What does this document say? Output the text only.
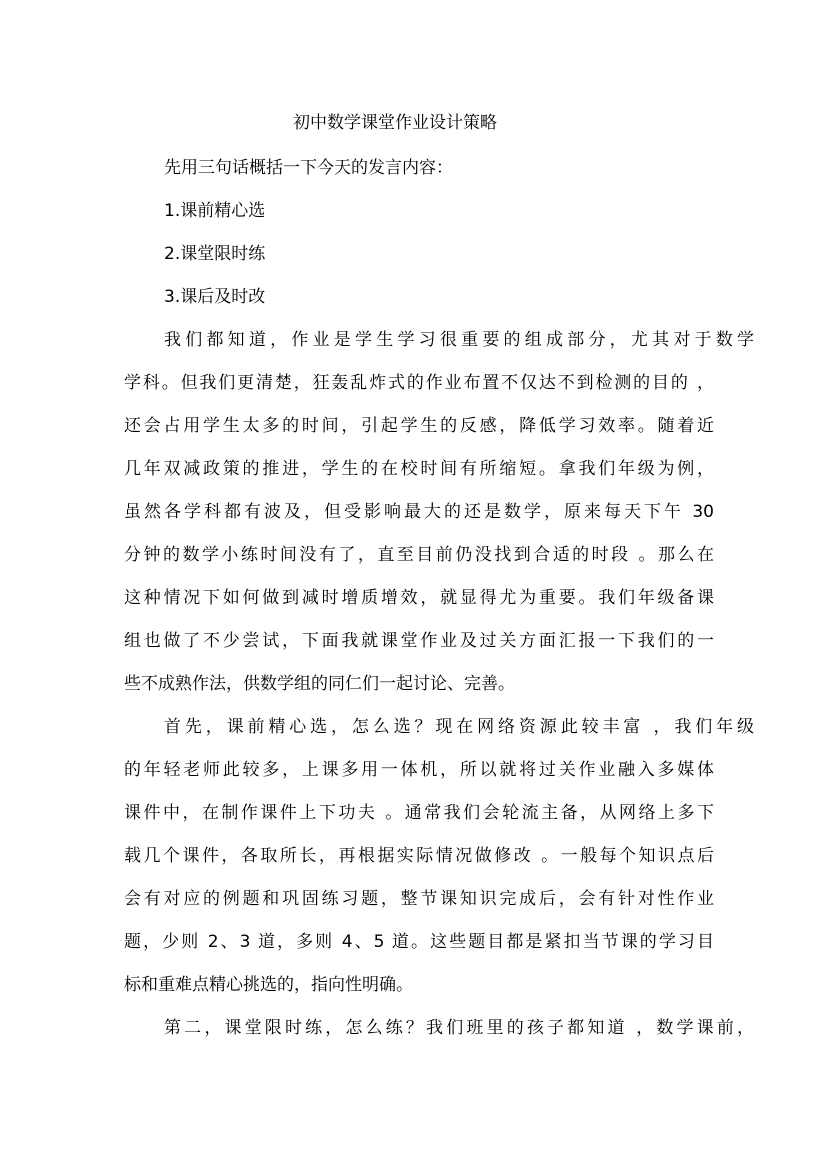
初中数学课堂作业设计策略
先用三句话概括一下今天的发言内容：
1.课前精心选
2.课堂限时练
3.课后及时改
我们都知道，作业是学生学习很重要的组成部分，尤其对于数学
学科。但我们更清楚，狂轰乱炸式的作业布置不仅达不到检测的目的 ，
还会占用学生太多的时间，引起学生的反感，降低学习效率。随着近
几年双减政策的推进，学生的在校时间有所缩短。拿我们年级为例，
虽然各学科都有波及，但受影响最大的还是数学，原来每天下午 30
分钟的数学小练时间没有了，直至目前仍没找到合适的时段 。那么在
这种情况下如何做到减时增质增效，就显得尤为重要。我们年级备课
组也做了不少尝试，下面我就课堂作业及过关方面汇报一下我们的一
些不成熟作法，供数学组的同仁们一起讨论、完善。
首先，课前精心选，怎么选？现在网络资源此较丰富 ，我们年级
的年轻老师此较多，上课多用一体机，所以就将过关作业融入多媒体
课件中，在制作课件上下功夫 。通常我们会轮流主备，从网络上多下
载几个课件，各取所长，再根据实际情况做修改 。一般每个知识点后
会有对应的例题和巩固练习题，整节课知识完成后，会有针对性作业
题，少则 2、3 道，多则 4、5 道。这些题目都是紧扣当节课的学习目
标和重难点精心挑选的，指向性明确。
第二，课堂限时练，怎么练？我们班里的孩子都知道 ，数学课前，
